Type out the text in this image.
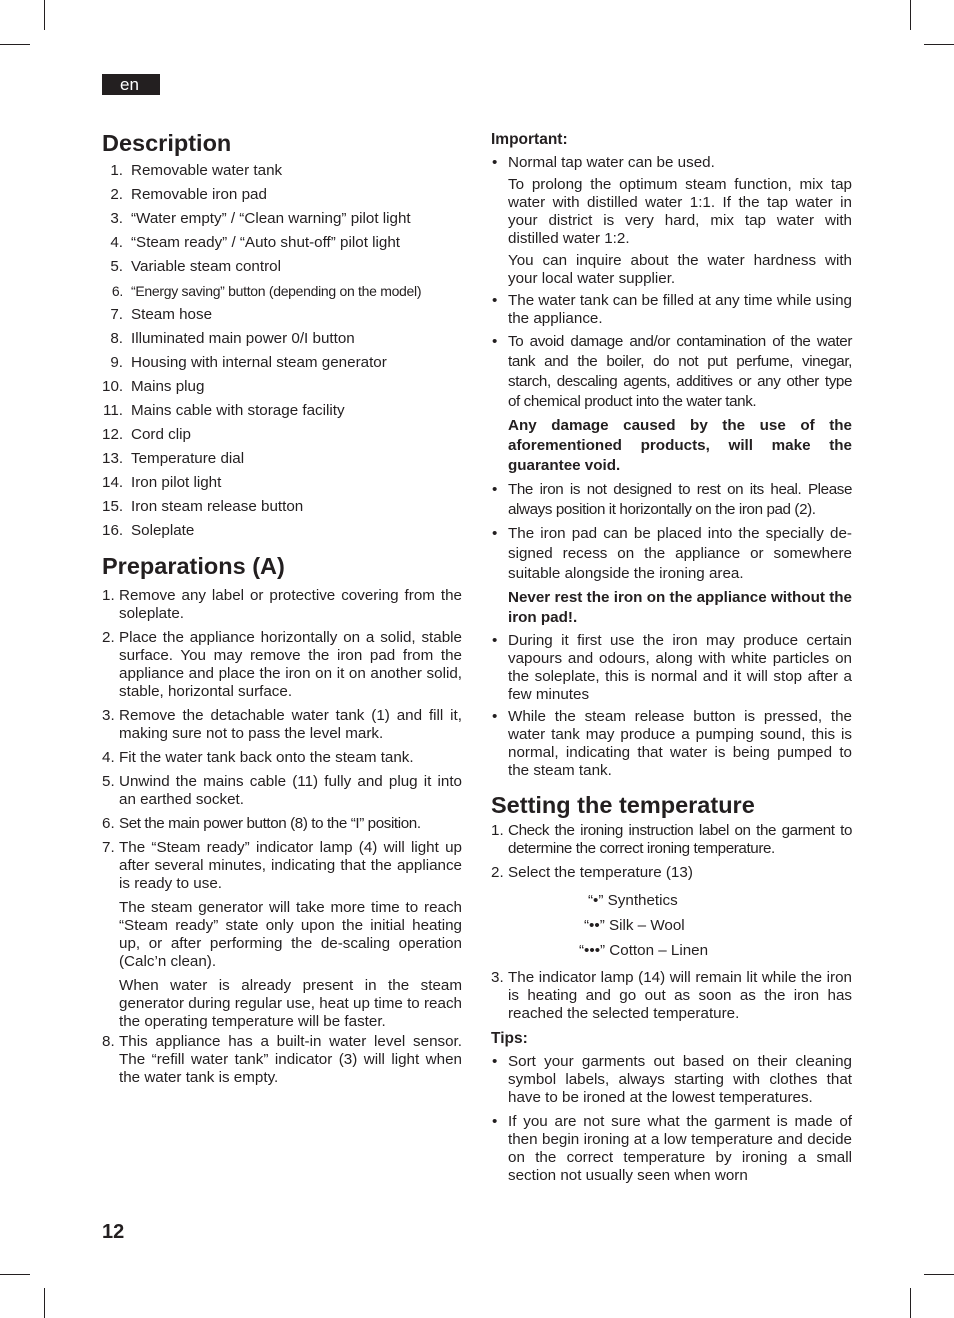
en
Description
1. Removable water tank
2. Removable iron pad
3. “Water empty” / “Clean warning” pilot light
4. “Steam ready” / “Auto shut-off” pilot light
5. Variable steam control
6. “Energy saving” button (depending on the model)
7. Steam hose
8. Illuminated main power 0/I button
9. Housing with internal steam generator
10. Mains plug
11. Mains cable with storage facility
12. Cord clip
13. Temperature dial
14. Iron pilot light
15. Iron steam release button
16. Soleplate
Preparations (A)
1. Remove any label or protective covering from the soleplate.
2. Place the appliance horizontally on a solid, stable surface. You may remove the iron pad from the appliance and place the iron on it on another solid, stable, horizontal surface.
3. Remove the detachable water tank (1) and fill it, making sure not to pass the level mark.
4. Fit the water tank back onto the steam tank.
5. Unwind the mains cable (11) fully and plug it into an earthed socket.
6. Set the main power button (8) to the “I” position.
7. The “Steam ready” indicator lamp (4) will light up after several minutes, indicating that the appliance is ready to use.

The steam generator will take more time to reach “Steam ready” state only upon the initial heating up, or after performing the de-scaling operation (Calc’n clean).

When water is already present in the steam generator during regular use, heat up time to reach the operating temperature will be faster.

8. This appliance has a built-in water level sensor. The “refill water tank” indicator (3) will light when the water tank is empty.
Important:
• Normal tap water can be used.

To prolong the optimum steam function, mix tap water with distilled water 1:1. If the tap water in your district is very hard, mix tap water with distilled water 1:2.

You can inquire about the water hardness with your local water supplier.

• The water tank can be filled at any time while using the appliance.
• To avoid damage and/or contamination of the water tank and the boiler, do not put perfume, vinegar, starch, descaling agents, additives or any other type of chemical product into the water tank.

Any damage caused by the use of the aforementioned products, will make the guarantee void.

• The iron is not designed to rest on its heal. Please always position it horizontally on the iron pad (2).
• The iron pad can be placed into the specially de-signed recess on the appliance or somewhere suitable alongside the ironing area.

Never rest the iron on the appliance without the iron pad!.

• During it first use the iron may produce certain vapours and odours, along with white particles on the soleplate, this is normal and it will stop after a few minutes
• While the steam release button is pressed, the water tank may produce a pumping sound, this is normal, indicating that water is being pumped to the steam tank.
Setting the temperature
1. Check the ironing instruction label on the garment to determine the correct ironing temperature.
2. Select the temperature (13)
“•” Synthetics
“••” Silk – Wool
“•••” Cotton – Linen
3. The indicator lamp (14) will remain lit while the iron is heating and go out as soon as the iron has reached the selected temperature.
Tips:
• Sort your garments out based on their cleaning symbol labels, always starting with clothes that have to be ironed at the lowest temperatures.
• If you are not sure what the garment is made of then begin ironing at a low temperature and decide on the correct temperature by ironing a small section not usually seen when worn
12
